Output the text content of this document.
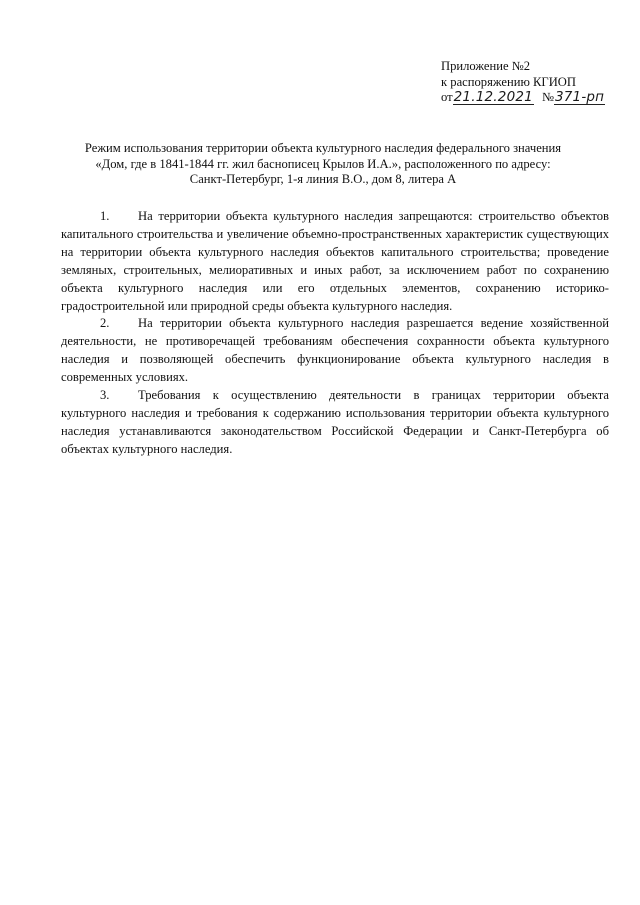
Приложение №2
к распоряжению КГИОП
от21.12.2021 №371-рп
Режим использования территории объекта культурного наследия федерального значения
«Дом, где в 1841-1844 гг. жил баснописец Крылов И.А.», расположенного по адресу:
Санкт-Петербург, 1-я линия В.О., дом 8, литера А

1. На территории объекта культурного наследия запрещаются: строительство объектов капитального строительства и увеличение объемно-пространственных характеристик существующих на территории объекта культурного наследия объектов капитального строительства; проведение земляных, строительных, мелиоративных и иных работ, за исключением работ по сохранению объекта культурного наследия или его отдельных элементов, сохранению историко-градостроительной или природной среды объекта культурного наследия.

2. На территории объекта культурного наследия разрешается ведение хозяйственной деятельности, не противоречащей требованиям обеспечения сохранности объекта культурного наследия и позволяющей обеспечить функционирование объекта культурного наследия в современных условиях.

3. Требования к осуществлению деятельности в границах территории объекта культурного наследия и требования к содержанию использования территории объекта культурного наследия устанавливаются законодательством Российской Федерации и Санкт-Петербурга об объектах культурного наследия.
